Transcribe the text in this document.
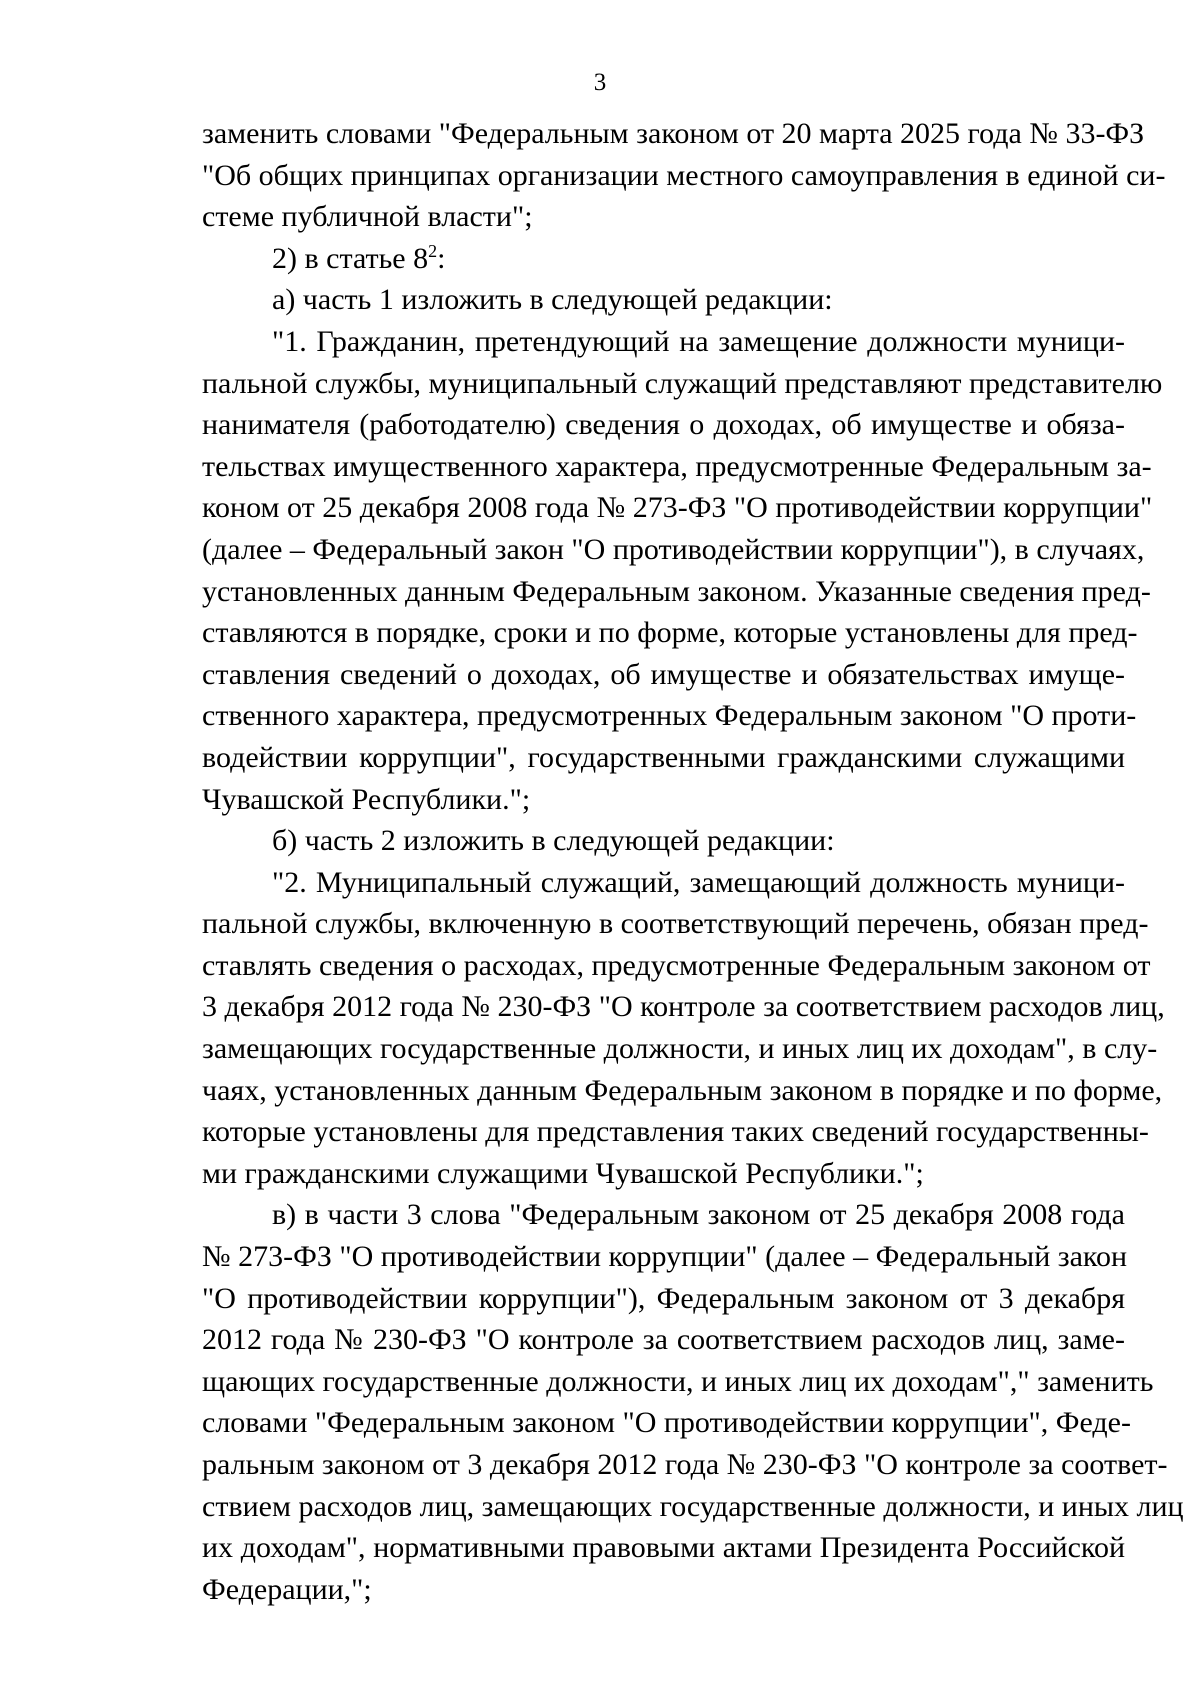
3
заменить словами "Федеральным законом от 20 марта 2025 года № 33-ФЗ
"Об общих принципах организации местного самоуправления в единой си-
стеме публичной власти";
2) в статье $8^2$:
а) часть 1 изложить в следующей редакции:
"1. Гражданин, претендующий на замещение должности муници-
пальной службы, муниципальный служащий представляют представителю
нанимателя (работодателю) сведения о доходах, об имуществе и обяза-
тельствах имущественного характера, предусмотренные Федеральным за-
коном от 25 декабря 2008 года № 273-ФЗ "О противодействии коррупции"
(далее – Федеральный закон "О противодействии коррупции"), в случаях,
установленных данным Федеральным законом. Указанные сведения пред-
ставляются в порядке, сроки и по форме, которые установлены для пред-
ставления сведений о доходах, об имуществе и обязательствах имуще-
ственного характера, предусмотренных Федеральным законом "О проти-
водействии коррупции", государственными гражданскими служащими
Чувашской Республики.";
б) часть 2 изложить в следующей редакции:
"2. Муниципальный служащий, замещающий должность муници-
пальной службы, включенную в соответствующий перечень, обязан пред-
ставлять сведения о расходах, предусмотренные Федеральным законом от
3 декабря 2012 года № 230-ФЗ "О контроле за соответствием расходов лиц,
замещающих государственные должности, и иных лиц их доходам", в слу-
чаях, установленных данным Федеральным законом в порядке и по форме,
которые установлены для представления таких сведений государственны-
ми гражданскими служащими Чувашской Республики.";
в) в части 3 слова "Федеральным законом от 25 декабря 2008 года
№ 273-ФЗ "О противодействии коррупции" (далее – Федеральный закон
"О противодействии коррупции"), Федеральным законом от 3 декабря
2012 года № 230-ФЗ "О контроле за соответствием расходов лиц, заме-
щающих государственные должности, и иных лиц их доходам"," заменить
словами "Федеральным законом "О противодействии коррупции", Феде-
ральным законом от 3 декабря 2012 года № 230-ФЗ "О контроле за соответ-
ствием расходов лиц, замещающих государственные должности, и иных лиц
их доходам", нормативными правовыми актами Президента Российской
Федерации,";
